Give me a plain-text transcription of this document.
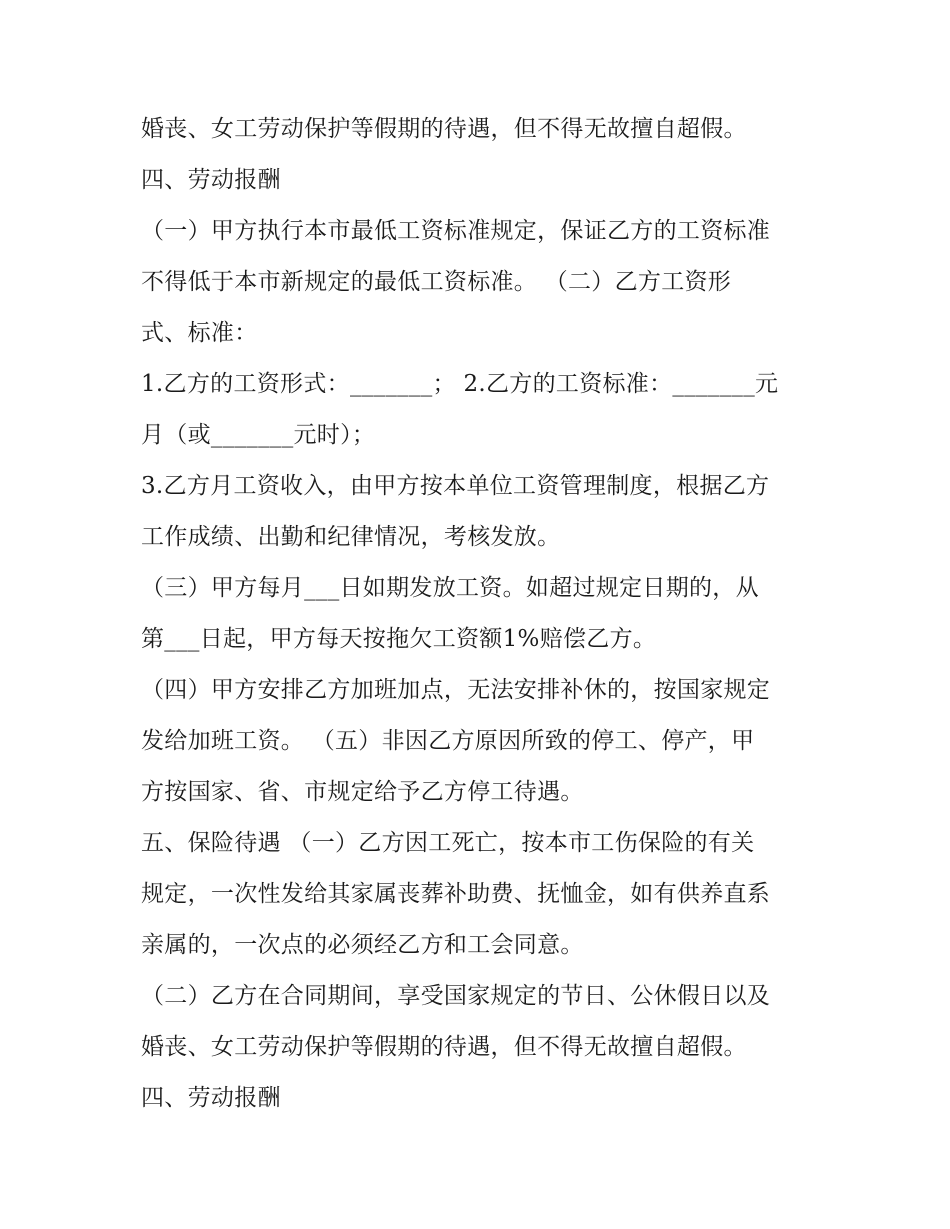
婚丧、女工劳动保护等假期的待遇，但不得无故擅自超假。
四、劳动报酬
（一）甲方执行本市最低工资标准规定，保证乙方的工资标准
不得低于本市新规定的最低工资标准。 （二）乙方工资形
式、标准：
1.乙方的工资形式：_______； 2.乙方的工资标准：_______元
月（或_______元时）；
3.乙方月工资收入，由甲方按本单位工资管理制度，根据乙方
工作成绩、出勤和纪律情况，考核发放。
（三）甲方每月___日如期发放工资。如超过规定日期的，从
第___日起，甲方每天按拖欠工资额1%赔偿乙方。
（四）甲方安排乙方加班加点，无法安排补休的，按国家规定
发给加班工资。 （五）非因乙方原因所致的停工、停产，甲
方按国家、省、市规定给予乙方停工待遇。
五、保险待遇 （一）乙方因工死亡，按本市工伤保险的有关
规定，一次性发给其家属丧葬补助费、抚恤金，如有供养直系
亲属的，一次点的必须经乙方和工会同意。
（二）乙方在合同期间，享受国家规定的节日、公休假日以及
婚丧、女工劳动保护等假期的待遇，但不得无故擅自超假。
四、劳动报酬
